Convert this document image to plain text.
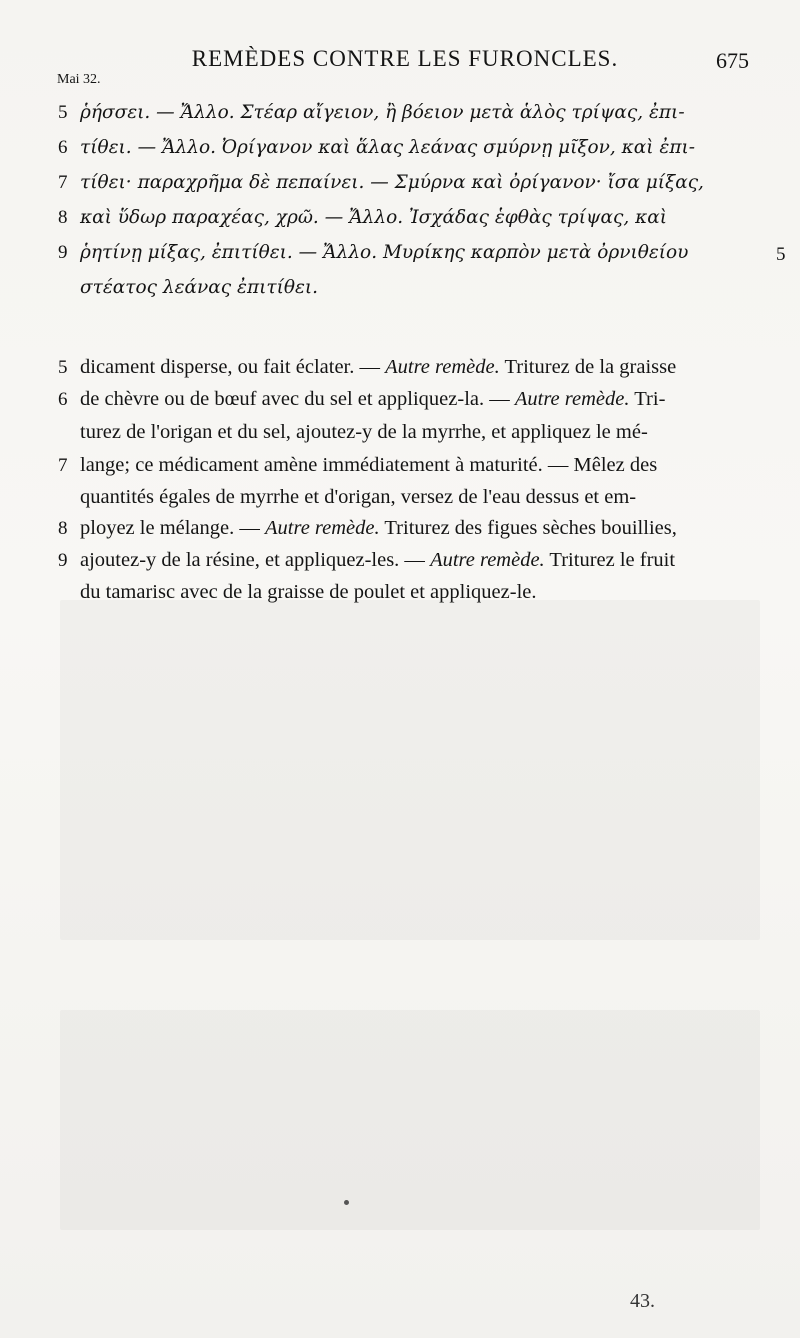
REMÈDES CONTRE LES FURONCLES.	675
Mai 32.
5 ῥήσσει. — Ἄλλο. Στέαρ αἴγειον, ἢ βόειον μετὰ ἁλὸς τρίψας, ἐπι-
6 τίθει. — Ἄλλο. Ὀρίγανον καὶ ἅλας λεάνας σμύρνῃ μῖξον, καὶ ἐπι-
7 τίθει· παραχρῆμα δὲ πεπαίνει. — Σμύρνα καὶ ὀρίγανον· ἴσα μίξας,
8 καὶ ὕδωρ παραχέας, χρῶ. — Ἄλλο. Ἰσχάδας ἑφθὰς τρίψας, καὶ
9 ῥητίνῃ μίξας, ἐπιτίθει. — Ἄλλο. Μυρίκης καρπὸν μετὰ ὀρνιθείου
στέατος λεάνας ἐπιτίθει.
5
5 dicament disperse, ou fait éclater. — Autre remède. Triturez de la graisse
6 de chèvre ou de bœuf avec du sel et appliquez-la. — Autre remède. Tri-
turez de l'origan et du sel, ajoutez-y de la myrrhe, et appliquez le mé-
7 lange; ce médicament amène immédiatement à maturité. — Mêlez des
quantités égales de myrrhe et d'origan, versez de l'eau dessus et em-
8 ployez le mélange. — Autre remède. Triturez des figues sèches bouillies,
9 ajoutez-y de la résine, et appliquez-les. — Autre remède. Triturez le fruit
du tamarisc avec de la graisse de poulet et appliquez-le.
43.
